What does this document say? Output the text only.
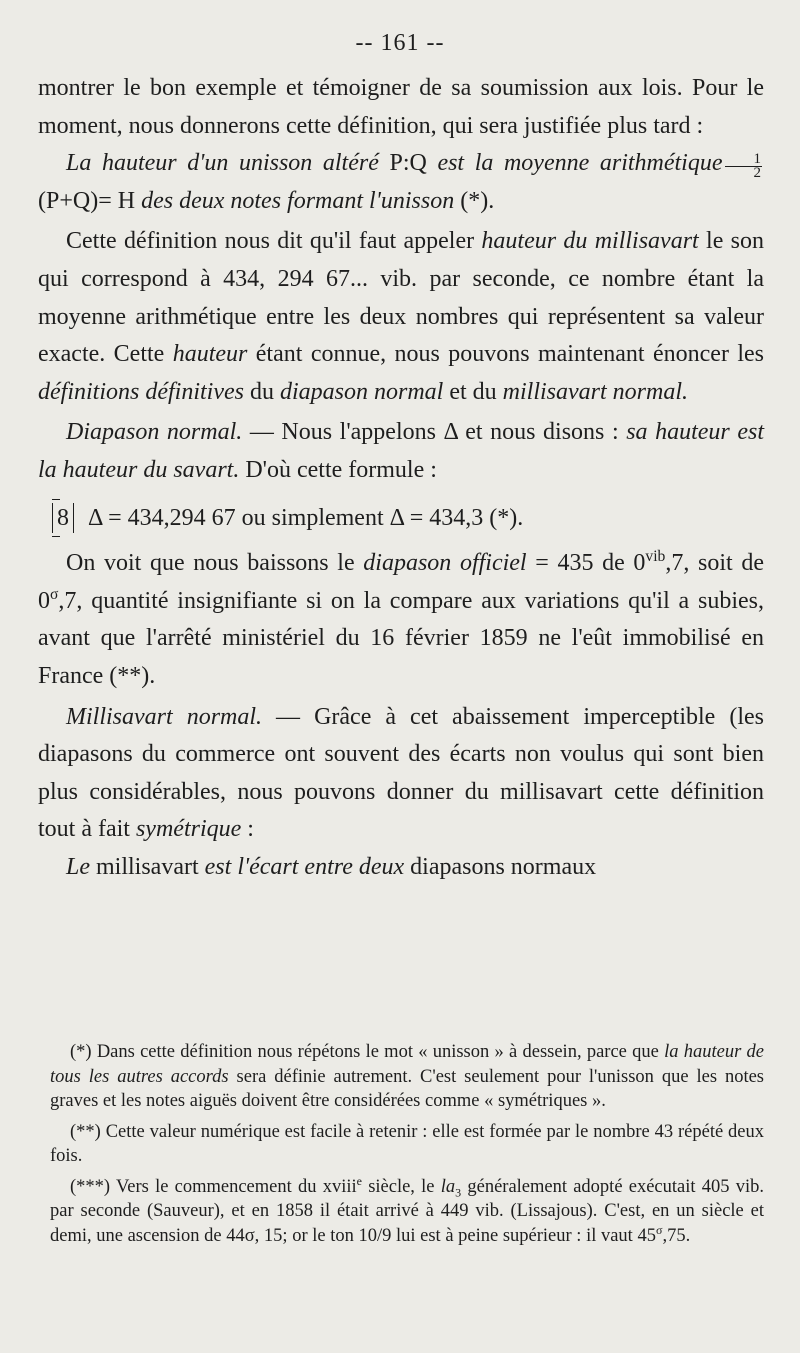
-- 161 --

montrer le bon exemple et témoigner de sa soumission aux lois. Pour le moment, nous donnerons cette définition, qui sera justifiée plus tard :

La hauteur d'un unisson altéré P:Q est la moyenne arithmétique $\frac{1}{2}$
(P+Q)= H des deux notes formant l'unisson (*).

Cette définition nous dit qu'il faut appeler hauteur du millisavart le son qui correspond à 434, 294 67... vib. par seconde, ce nombre étant la moyenne arithmétique entre les deux nombres qui représentent sa valeur exacte. Cette hauteur étant connue, nous pouvons maintenant énoncer les définitions définitives du diapason normal et du millisavart normal.

Diapason normal. — Nous l'appelons Δ et nous disons : sa hauteur est la hauteur du savart. D'où cette formule :

8 Δ = 434,294 67 ou simplement Δ = 434,3 (*).

On voit que nous baissons le diapason officiel = 435 de $0^{vib},7$, soit de $0^\sigma,7$, quantité insignifiante si on la compare aux variations qu'il a subies, avant que l'arrêté ministériel du 16 février 1859 ne l'eût immobilisé en France (**).

Millisavart normal. — Grâce à cet abaissement imperceptible (les diapasons du commerce ont souvent des écarts non voulus qui sont bien plus considérables, nous pouvons donner du millisavart cette définition tout à fait symétrique :

Le millisavart est l'écart entre deux diapasons normaux

(*) Dans cette définition nous répétons le mot « unisson » à dessein, parce que la hauteur de tous les autres accords sera définie autrement. C'est seulement pour l'unisson que les notes graves et les notes aiguës doivent être considérées comme « symétriques ».

(**) Cette valeur numérique est facile à retenir : elle est formée par le nombre 43 répété deux fois.

(***) Vers le commencement du xviii$^e$ siècle, le $la_3$ généralement adopté exécutait 405 vib. par seconde (Sauveur), et en 1858 il était arrivé à 449 vib. (Lissajous). C'est, en un siècle et demi, une ascension de 44σ, 15; or le ton 10/9 lui est à peine supérieur : il vaut $45^\sigma,75$.
